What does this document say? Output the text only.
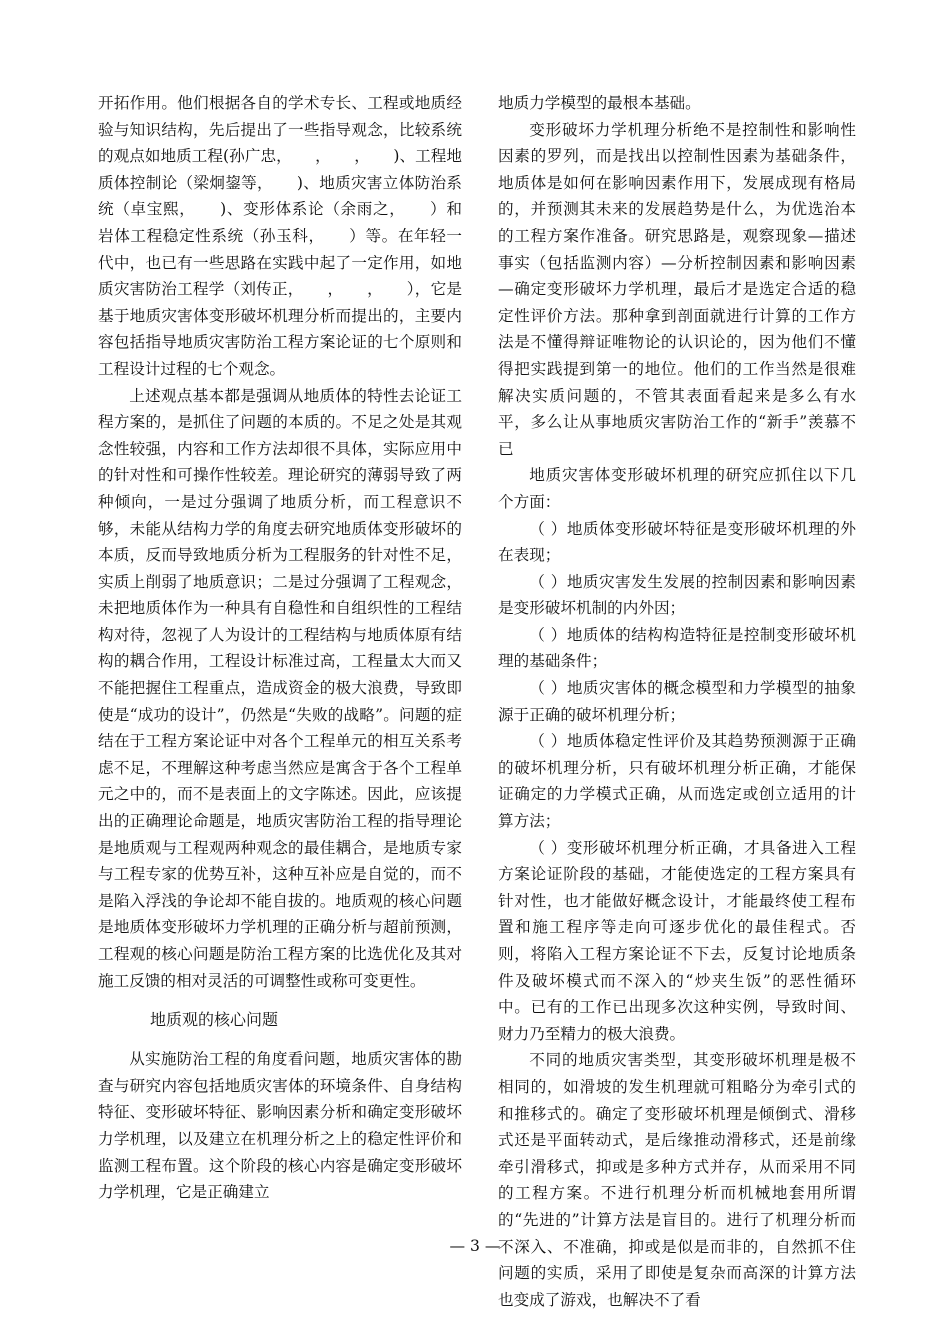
开拓作用。他们根据各自的学术专长、工程或地质经验与知识结构，先后提出了一些指导观念，比较系统的观点如地质工程(孙广忠，　　，　　，　　)、工程地质体控制论（梁炯鋆等，　　)、地质灾害立体防治系统（卓宝熙，　　)、变形体系论（余雨之，　　）和岩体工程稳定性系统（孙玉科，　　）等。在年轻一代中，也已有一些思路在实践中起了一定作用，如地质灾害防治工程学（刘传正，　　，　　，　　），它是基于地质灾害体变形破坏机理分析而提出的，主要内容包括指导地质灾害防治工程方案论证的七个原则和工程设计过程的七个观念。

上述观点基本都是强调从地质体的特性去论证工程方案的，是抓住了问题的本质的。不足之处是其观念性较强，内容和工作方法却很不具体，实际应用中的针对性和可操作性较差。理论研究的薄弱导致了两种倾向，一是过分强调了地质分析，而工程意识不够，未能从结构力学的角度去研究地质体变形破坏的本质，反而导致地质分析为工程服务的针对性不足，实质上削弱了地质意识；二是过分强调了工程观念，未把地质体作为一种具有自稳性和自组织性的工程结构对待，忽视了人为设计的工程结构与地质体原有结构的耦合作用，工程设计标准过高，工程量太大而又不能把握住工程重点，造成资金的极大浪费，导致即使是“成功的设计”，仍然是“失败的战略”。问题的症结在于工程方案论证中对各个工程单元的相互关系考虑不足，不理解这种考虑当然应是寓含于各个工程单元之中的，而不是表面上的文字陈述。因此，应该提出的正确理论命题是，地质灾害防治工程的指导理论是地质观与工程观两种观念的最佳耦合，是地质专家与工程专家的优势互补，这种互补应是自觉的，而不是陷入浮浅的争论却不能自拔的。地质观的核心问题是地质体变形破坏力学机理的正确分析与超前预测，工程观的核心问题是防治工程方案的比选优化及其对施工反馈的相对灵活的可调整性或称可变更性。

地质观的核心问题

从实施防治工程的角度看问题，地质灾害体的勘查与研究内容包括地质灾害体的环境条件、自身结构特征、变形破坏特征、影响因素分析和确定变形破坏力学机理，以及建立在机理分析之上的稳定性评价和监测工程布置。这个阶段的核心内容是确定变形破坏力学机理，它是正确建立

地质力学模型的最根本基础。

变形破坏力学机理分析绝不是控制性和影响性因素的罗列，而是找出以控制性因素为基础条件，地质体是如何在影响因素作用下，发展成现有格局的，并预测其未来的发展趋势是什么，为优选治本的工程方案作准备。研究思路是，观察现象—描述事实（包括监测内容）—分析控制因素和影响因素—确定变形破坏力学机理，最后才是选定合适的稳定性评价方法。那种拿到剖面就进行计算的工作方法是不懂得辩证唯物论的认识论的，因为他们不懂得把实践提到第一的地位。他们的工作当然是很难解决实质问题的，不管其表面看起来是多么有水平，多么让从事地质灾害防治工作的“新手”羡慕不已

地质灾害体变形破坏机理的研究应抓住以下几个方面：

（ ）地质体变形破坏特征是变形破坏机理的外在表现；

（ ）地质灾害发生发展的控制因素和影响因素是变形破坏机制的内外因；

（ ）地质体的结构构造特征是控制变形破坏机理的基础条件；

（ ）地质灾害体的概念模型和力学模型的抽象源于正确的破坏机理分析；

（ ）地质体稳定性评价及其趋势预测源于正确的破坏机理分析，只有破坏机理分析正确，才能保证确定的力学模式正确，从而选定或创立适用的计算方法；

（ ）变形破坏机理分析正确，才具备进入工程方案论证阶段的基础，才能使选定的工程方案具有针对性，也才能做好概念设计，才能最终使工程布置和施工程序等走向可逐步优化的最佳程式。否则，将陷入工程方案论证不下去，反复讨论地质条件及破坏模式而不深入的“炒夹生饭”的恶性循环中。已有的工作已出现多次这种实例，导致时间、财力乃至精力的极大浪费。

不同的地质灾害类型，其变形破坏机理是极不相同的，如滑坡的发生机理就可粗略分为牵引式的和推移式的。确定了变形破坏机理是倾倒式、滑移式还是平面转动式，是后缘推动滑移式，还是前缘牵引滑移式，抑或是多种方式并存，从而采用不同的工程方案。不进行机理分析而机械地套用所谓的“先进的”计算方法是盲目的。进行了机理分析而不深入、不准确，抑或是似是而非的，自然抓不住问题的实质，采用了即使是复杂而高深的计算方法也变成了游戏，也解决不了看

— 3 —
